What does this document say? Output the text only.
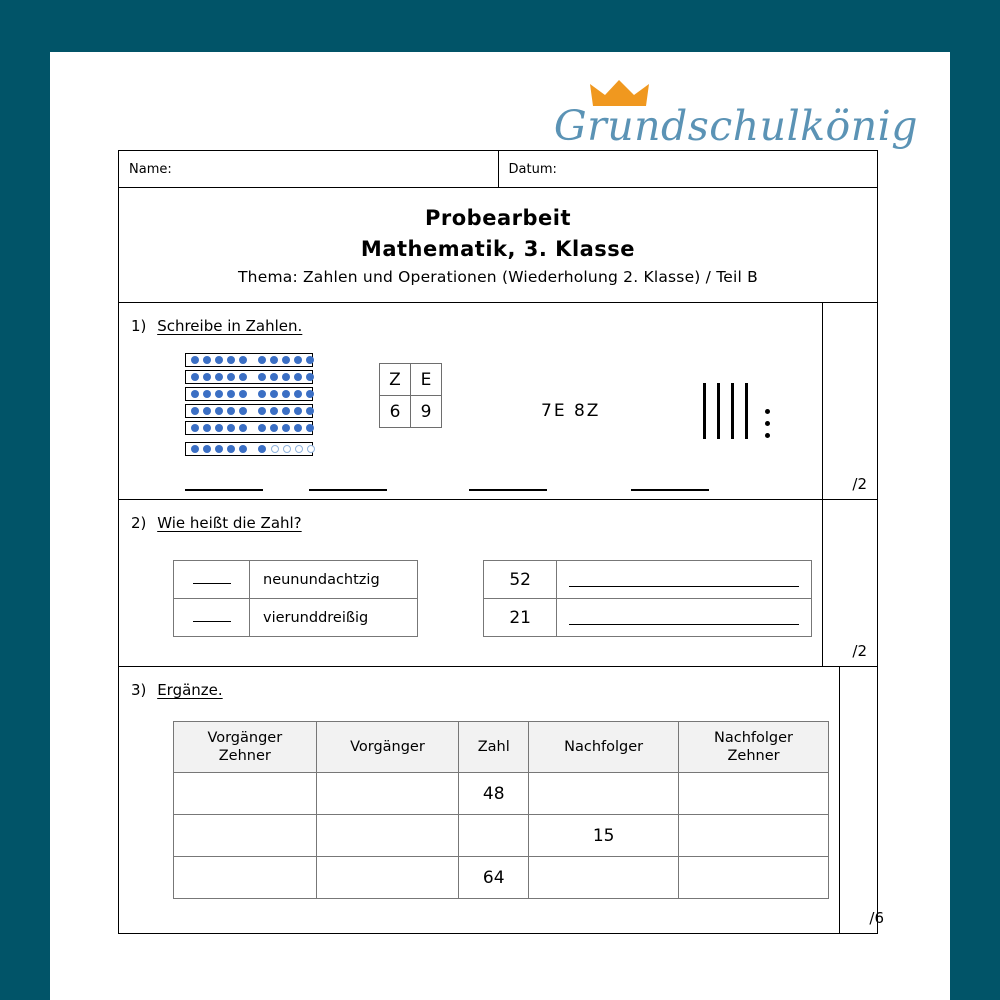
Grundschulkönig
Name:	Datum:
Probearbeit
Mathematik, 3. Klasse
Thema: Zahlen und Operationen (Wiederholung 2. Klasse) / Teil B
1) Schreibe in Zahlen.
Z	E
6	9	7E 8Z
/2
2) Wie heißt die Zahl?
	neunundachtzig
	vierunddreißig
52	

21	
/2
3) Ergänze.
Vorgänger
Zehner	Vorgänger	Zahl	Nachfolger	Nachfolger
Zehner
		48		
			15	
		64		
/6
